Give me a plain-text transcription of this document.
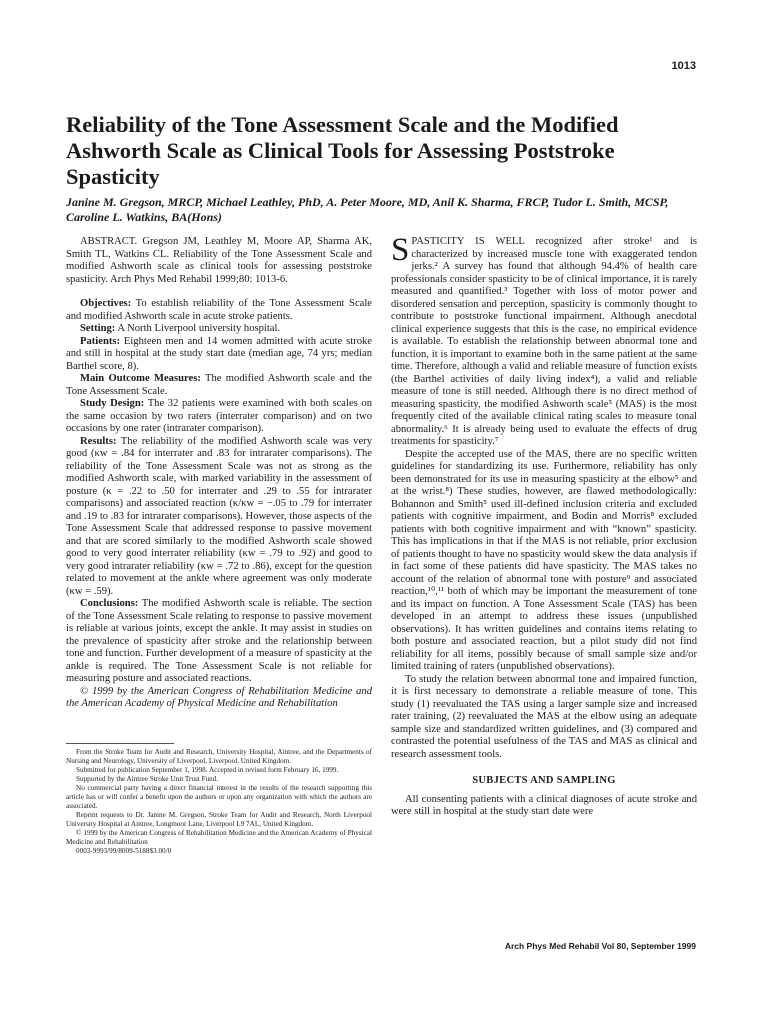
1013
Reliability of the Tone Assessment Scale and the Modified Ashworth Scale as Clinical Tools for Assessing Poststroke Spasticity
Janine M. Gregson, MRCP, Michael Leathley, PhD, A. Peter Moore, MD, Anil K. Sharma, FRCP, Tudor L. Smith, MCSP, Caroline L. Watkins, BA(Hons)

ABSTRACT. Gregson JM, Leathley M, Moore AP, Sharma AK, Smith TL, Watkins CL. Reliability of the Tone Assessment Scale and modified Ashworth scale as clinical tools for assessing poststroke spasticity. Arch Phys Med Rehabil 1999;80: 1013-6.

Objectives: To establish reliability of the Tone Assessment Scale and modified Ashworth scale in acute stroke patients.

Setting: A North Liverpool university hospital.

Patients: Eighteen men and 14 women admitted with acute stroke and still in hospital at the study start date (median age, 74 yrs; median Barthel score, 8).

Main Outcome Measures: The modified Ashworth scale and the Tone Assessment Scale.

Study Design: The 32 patients were examined with both scales on the same occasion by two raters (interrater comparison) and on two occasions by one rater (intrarater comparison).

Results: The reliability of the modified Ashworth scale was very good (κw = .84 for interrater and .83 for intrarater comparisons). The reliability of the Tone Assessment Scale was not as strong as the modified Ashworth scale, with marked variability in the assessment of posture (κ = .22 to .50 for interrater and .29 to .55 for intrarater comparisons) and associated reaction (κ/κw = −.05 to .79 for interrater and .19 to .83 for intrarater comparisons). However, those aspects of the Tone Assessment Scale that addressed response to passive movement and that are scored similarly to the modified Ashworth scale showed good to very good interrater reliability (κw = .79 to .92) and good to very good intrarater reliability (κw = .72 to .86), except for the question related to movement at the ankle where agreement was only moderate (κw = .59).

Conclusions: The modified Ashworth scale is reliable. The section of the Tone Assessment Scale relating to response to passive movement is reliable at various joints, except the ankle. It may assist in studies on the prevalence of spasticity after stroke and the relationship between tone and function. Further development of a measure of spasticity at the ankle is required. The Tone Assessment Scale is not reliable for measuring posture and associated reactions.

© 1999 by the American Congress of Rehabilitation Medicine and the American Academy of Physical Medicine and Rehabilitation

From the Stroke Team for Audit and Research, University Hospital, Aintree, and the Departments of Nursing and Neurology, University of Liverpool, Liverpool, United Kingdom.

Submitted for publication September 1, 1998. Accepted in revised form February 16, 1999.

Supported by the Aintree Stroke Unit Trust Fund.

No commercial party having a direct financial interest in the results of the research supporting this article has or will confer a benefit upon the authors or upon any organization with which the authors are associated.

Reprint requests to Dr. Janine M. Gregson, Stroke Team for Audit and Research, North Liverpool University Hospital at Aintree, Longmoor Lane, Liverpool L9 7AL, United Kingdom.

© 1999 by the American Congress of Rehabilitation Medicine and the American Academy of Physical Medicine and Rehabilitation

0003-9993/99/8009-5188$3.00/0

SPASTICITY IS WELL recognized after stroke¹ and is characterized by increased muscle tone with exaggerated tendon jerks.² A survey has found that although 94.4% of health care professionals consider spasticity to be of clinical importance, it is rarely measured and quantified.³ Together with loss of motor power and disordered sensation and perception, spasticity is commonly thought to contribute to poststroke functional impairment. Although anecdotal clinical experience suggests that this is the case, no empirical evidence is available. To establish the relationship between abnormal tone and function, it is important to examine both in the same patient at the same time. Therefore, although a valid and reliable measure of function exists (the Barthel activities of daily living index⁴), a valid and reliable measure of tone is still needed. Although there is no direct method of measuring spasticity, the modified Ashworth scale⁵ (MAS) is the most frequently cited of the available clinical rating scales to measure tonal abnormality.⁶ It is already being used to evaluate the effects of drug treatments for spasticity.⁷

Despite the accepted use of the MAS, there are no specific written guidelines for standardizing its use. Furthermore, reliability has only been demonstrated for its use in measuring spasticity at the elbow⁵ and at the wrist.⁸) These studies, however, are flawed methodologically: Bohannon and Smith⁵ used ill-defined inclusion criteria and excluded patients with cognitive impairment, and Bodin and Morris⁸ excluded patients with both cognitive impairment and with “known” spasticity. This has implications in that if the MAS is not reliable, prior exclusion of patients thought to have no spasticity would skew the data analysis if in fact some of these patients did have spasticity. The MAS takes no account of the relation of abnormal tone with posture⁹ and associated reaction,¹⁰,¹¹ both of which may be important the measurement of tone and its impact on function. A Tone Assessment Scale (TAS) has been developed in an attempt to address these issues (unpublished observations). It has written guidelines and contains items relating to both posture and associated reaction, but a pilot study did not find reliability for all items, possibly because of small sample size and/or limited training of raters (unpublished observations).

To study the relation between abnormal tone and impaired function, it is first necessary to demonstrate a reliable measure of tone. This study (1) reevaluated the TAS using a larger sample size and increased rater training, (2) reevaluated the MAS at the elbow using an adequate sample size and standardized written guidelines, and (3) compared and contrasted the potential usefulness of the TAS and MAS as clinical and research assessment tools.

SUBJECTS AND SAMPLING

All consenting patients with a clinical diagnoses of acute stroke and were still in hospital at the study start date were

Arch Phys Med Rehabil Vol 80, September 1999
